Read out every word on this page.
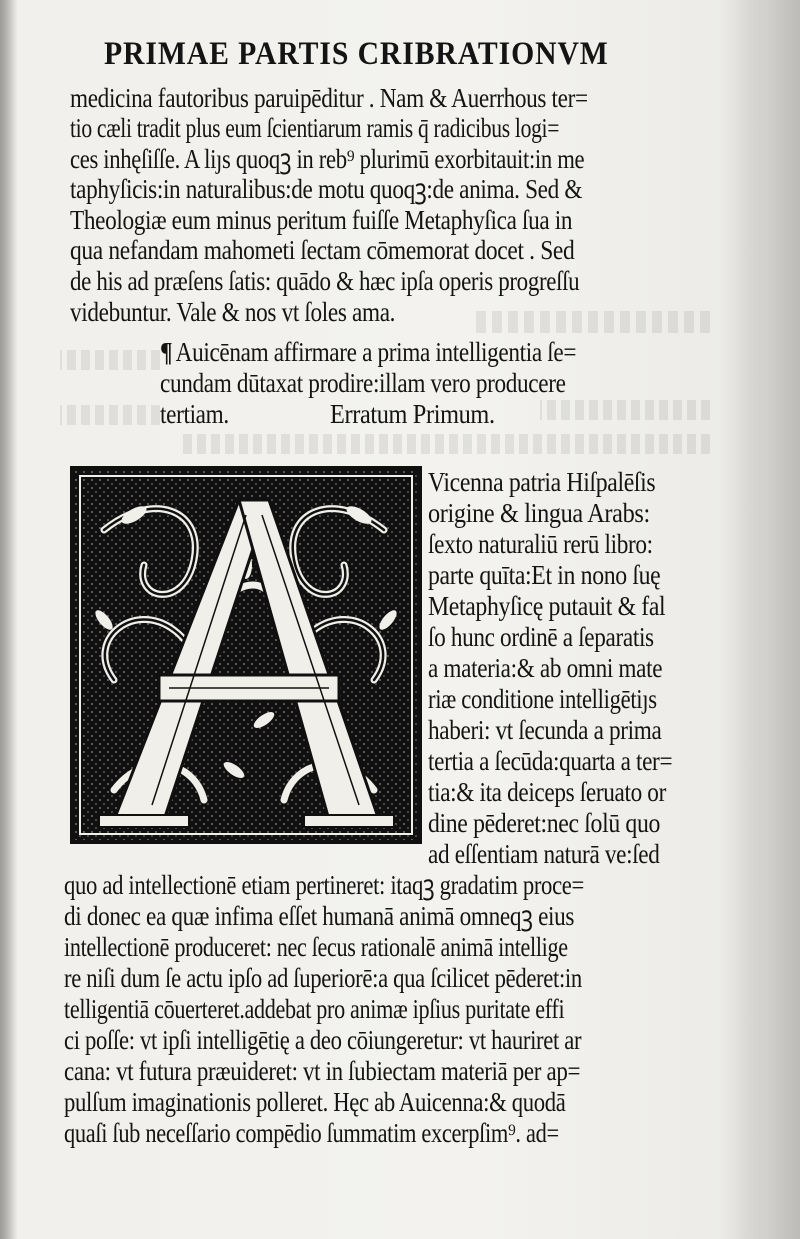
PRIMAE PARTIS CRIBRATIONVM
medicina fautoribus paruipēditur . Nam & Auerrhous ter=
tio cæli tradit plus eum ſcientiarum ramis q̄ radicibus logi=
ces inhęſiſſe. A liȷs quoqꝫ in reb⁹ plurimū exorbitauit:in me
taphyſicis:in naturalibus:de motu quoqꝫ:de anima. Sed &
Theologiæ eum minus peritum fuiſſe Metaphyſica ſua in
qua nefandam mahometi ſectam cōmemorat docet . Sed
de his ad præſens ſatis: quādo & hæc ipſa operis progreſſu
videbuntur. Vale & nos vt ſoles ama.
¶ Auicēnam affirmare a prima intelligentia ſe=
cundam dūtaxat prodire:illam vero producere
tertiam.	Erratum Primum.
Vicenna patria Hiſpalēſis
origine & lingua Arabs:
ſexto naturaliū rerū libro:
parte quīta:Et in nono ſuę
Metaphyſicę putauit & fal
ſo hunc ordinē a ſeparatis
a materia:& ab omni mate
riæ conditione intelligētiȷs
haberi: vt ſecunda a prima
tertia a ſecūda:quarta a ter=
tia:& ita deiceps ſeruato or
dine pēderet:nec ſolū quo
ad eſſentiam naturā ve:ſed
quo ad intellectionē etiam pertineret: itaqꝫ gradatim proce=
di donec ea quæ infima eſſet humanā animā omneqꝫ eius
intellectionē produceret: nec ſecus rationalē animā intellige
re niſi dum ſe actu ipſo ad ſuperiorē:a qua ſcilicet pēderet:in
telligentiā cōuerteret.addebat pro animæ ipſius puritate effi
ci poſſe: vt ipſi intelligētię a deo cōiungeretur: vt hauriret ar
cana: vt futura præuideret: vt in ſubiectam materiā per ap=
pulſum imaginationis polleret. Hęc ab Auicenna:& quodā
quaſi ſub neceſſario compēdio ſummatim excerpſim⁹. ad=
